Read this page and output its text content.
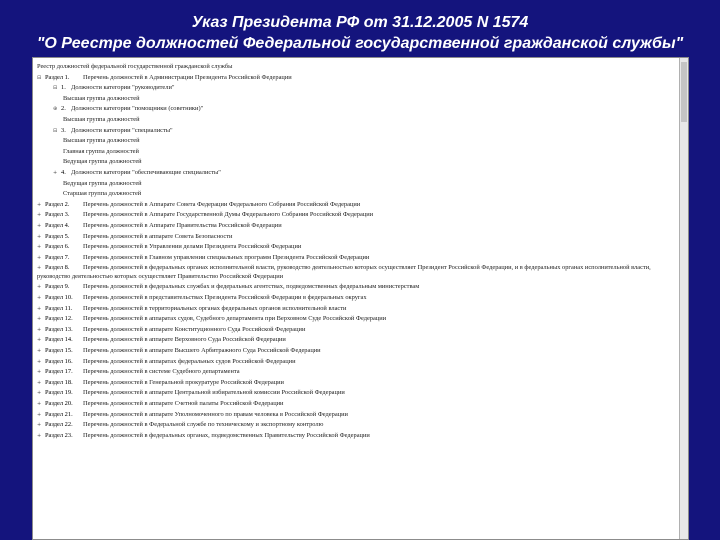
Указ Президента РФ от 31.12.2005 N 1574
"О Реестре должностей Федеральной государственной гражданской службы"
Реестр должностей федеральной государственной гражданской службы
⊟ Раздел 1. Перечень должностей в Администрации Президента Российской Федерации
⊟ 1. Должности категории "руководители"
Высшая группа должностей
⊕ 2. Должности категории "помощники (советники)"
Высшая группа должностей
⊟ 3. Должности категории "специалисты"
Высшая группа должностей
Главная группа должностей
Ведущая группа должностей
+ 4. Должности категории "обеспечивающие специалисты"
Ведущая группа должностей
Старшая группа должностей
+ Раздел 2. Перечень должностей в Аппарате Совета Федерации Федерального Собрания Российской Федерации
+ Раздел 3. Перечень должностей в Аппарате Государственной Думы Федерального Собрания Российской Федерации
+ Раздел 4. Перечень должностей в Аппарате Правительства Российской Федерации
+ Раздел 5. Перечень должностей в аппарате Совета Безопасности
+ Раздел 6. Перечень должностей в Управлении делами Президента Российской Федерации
+ Раздел 7. Перечень должностей в Главном управлении специальных программ Президента Российской Федерации
+ Раздел 8. Перечень должностей в федеральных органах исполнительной власти, руководство деятельностью которых осуществляет Президент Российской Федерации, и в федеральных органах исполнительной власти, руководство деятельностью которых осуществляет Правительство Российской Федерации
+ Раздел 9. Перечень должностей в федеральных службах и федеральных агентствах, подведомственных федеральным министерствам
+ Раздел 10. Перечень должностей в представительствах Президента Российской Федерации в федеральных округах
+ Раздел 11. Перечень должностей в территориальных органах федеральных органов исполнительной власти
+ Раздел 12. Перечень должностей в аппаратах судов, Судебного департамента при Верховном Суде Российской Федерации
+ Раздел 13. Перечень должностей в аппарате Конституционного Суда Российской Федерации
+ Раздел 14. Перечень должностей в аппарате Верховного Суда Российской Федерации
+ Раздел 15. Перечень должностей в аппарате Высшего Арбитражного Суда Российской Федерации
+ Раздел 16. Перечень должностей в аппаратах федеральных судов Российской Федерации
+ Раздел 17. Перечень должностей в системе Судебного департамента
+ Раздел 18. Перечень должностей в Генеральной прокуратуре Российской Федерации
+ Раздел 19. Перечень должностей в аппарате Центральной избирательной комиссии Российской Федерации
+ Раздел 20. Перечень должностей в аппарате Счетной палаты Российской Федерации
+ Раздел 21. Перечень должностей в аппарате Уполномоченного по правам человека в Российской Федерации
+ Раздел 22. Перечень должностей в Федеральной службе по техническому и экспортному контролю
+ Раздел 23. Перечень должностей в федеральных органах, подведомственных Правительству Российской Федерации
